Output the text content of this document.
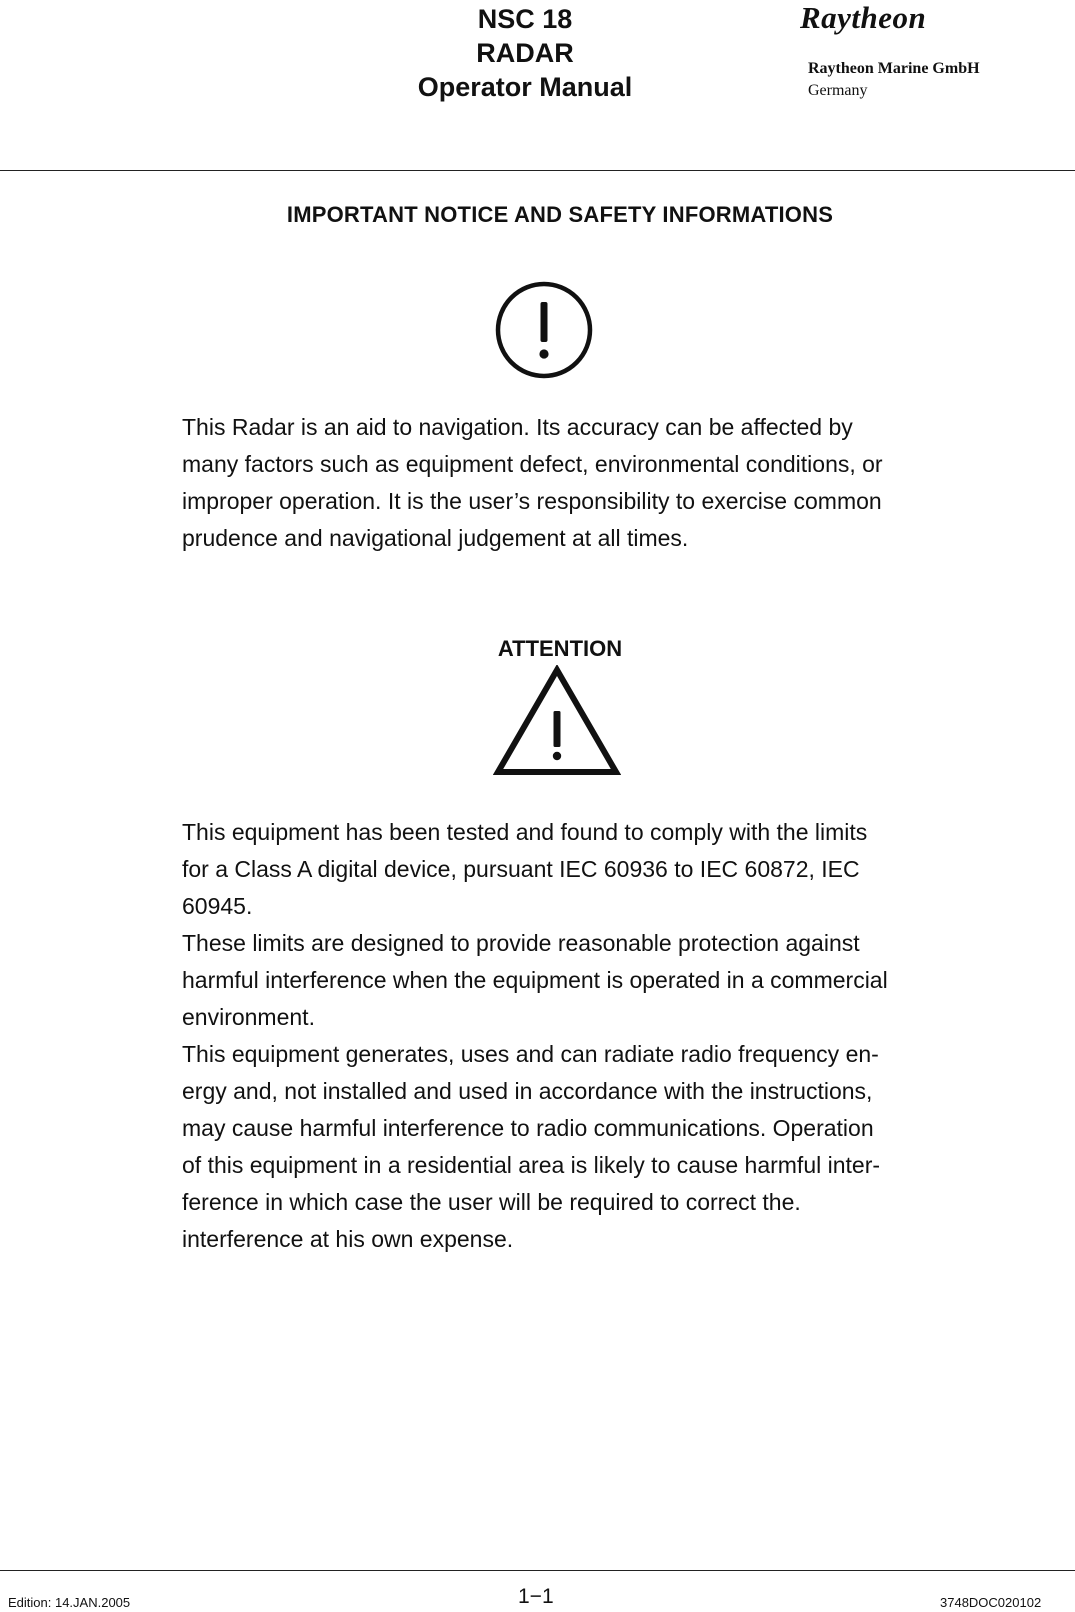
NSC 18
RADAR
Operator Manual
Raytheon
Raytheon Marine GmbH
Germany
IMPORTANT NOTICE AND SAFETY INFORMATIONS
This Radar is an aid to navigation. Its accuracy can be affected by
many factors such as equipment defect, environmental conditions, or
improper operation. It is the user’s responsibility to exercise common
prudence and navigational judgement at all times.
ATTENTION
This equipment has been tested and found to comply with the limits
for a Class A digital device, pursuant IEC 60936 to IEC 60872, IEC
60945.
These limits are designed to provide reasonable protection against
harmful interference when the equipment is operated in a commercial
environment.
This equipment generates, uses and can radiate radio frequency en-
ergy and, not installed and used in accordance with the instructions,
may cause harmful interference to radio communications. Operation
of this equipment in a residential area is likely to cause harmful inter-
ference in which case the user will be required to correct the.
interference at his own expense.
Edition: 14.JAN.2005	1−1	3748DOC020102
